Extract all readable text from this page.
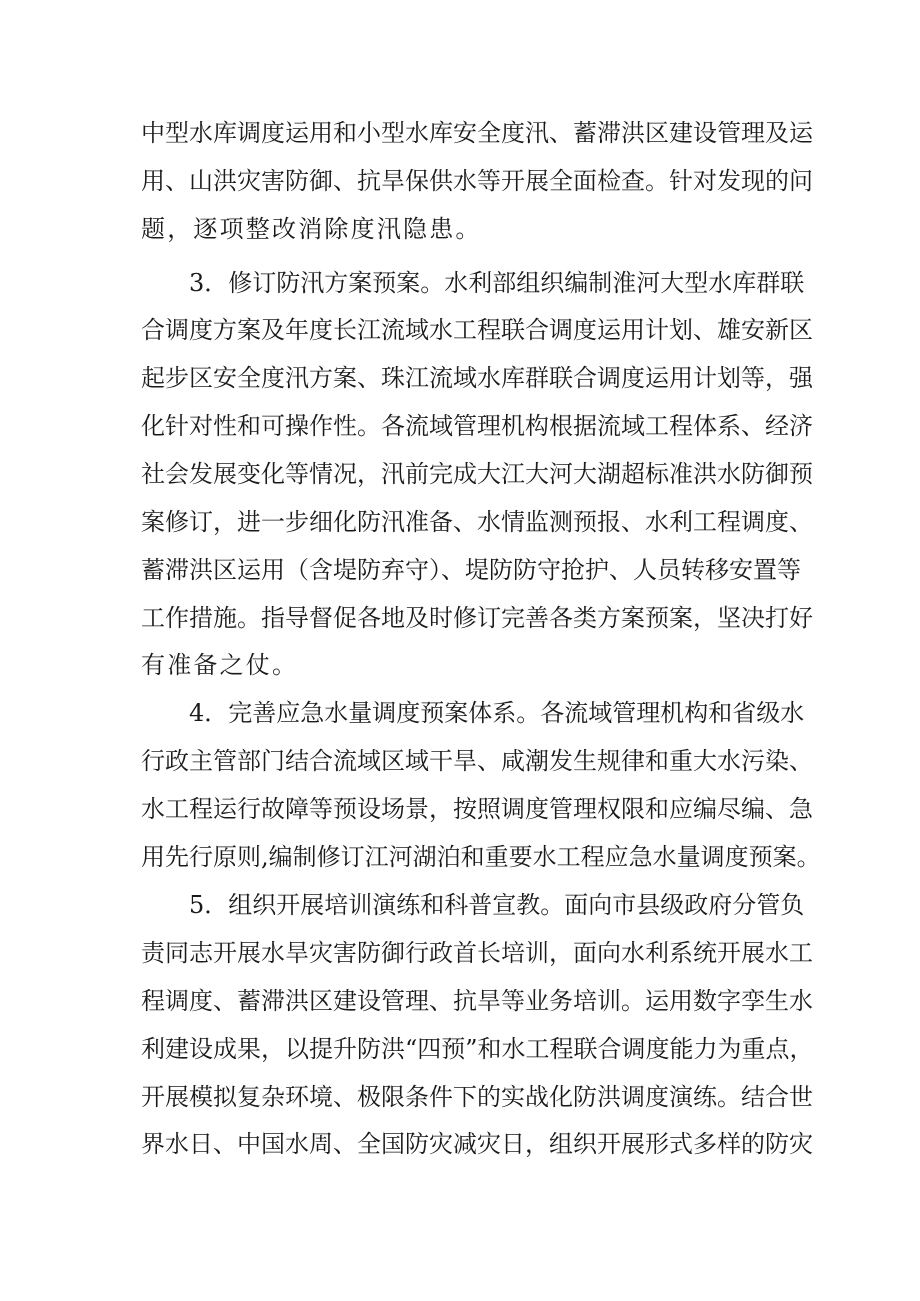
中型水库调度运用和小型水库安全度汛、蓄滞洪区建设管理及运
用、山洪灾害防御、抗旱保供水等开展全面检查。针对发现的问
题，逐项整改消除度汛隐患。
3．修订防汛方案预案。水利部组织编制淮河大型水库群联
合调度方案及年度长江流域水工程联合调度运用计划、雄安新区
起步区安全度汛方案、珠江流域水库群联合调度运用计划等，强
化针对性和可操作性。各流域管理机构根据流域工程体系、经济
社会发展变化等情况，汛前完成大江大河大湖超标准洪水防御预
案修订，进一步细化防汛准备、水情监测预报、水利工程调度、
蓄滞洪区运用（含堤防弃守）、堤防防守抢护、人员转移安置等
工作措施。指导督促各地及时修订完善各类方案预案，坚决打好
有准备之仗。
4．完善应急水量调度预案体系。各流域管理机构和省级水
行政主管部门结合流域区域干旱、咸潮发生规律和重大水污染、
水工程运行故障等预设场景，按照调度管理权限和应编尽编、急
用先行原则,编制修订江河湖泊和重要水工程应急水量调度预案。
5．组织开展培训演练和科普宣教。面向市县级政府分管负
责同志开展水旱灾害防御行政首长培训，面向水利系统开展水工
程调度、蓄滞洪区建设管理、抗旱等业务培训。运用数字孪生水
利建设成果，以提升防洪“四预”和水工程联合调度能力为重点，
开展模拟复杂环境、极限条件下的实战化防洪调度演练。结合世
界水日、中国水周、全国防灾减灾日，组织开展形式多样的防灾
